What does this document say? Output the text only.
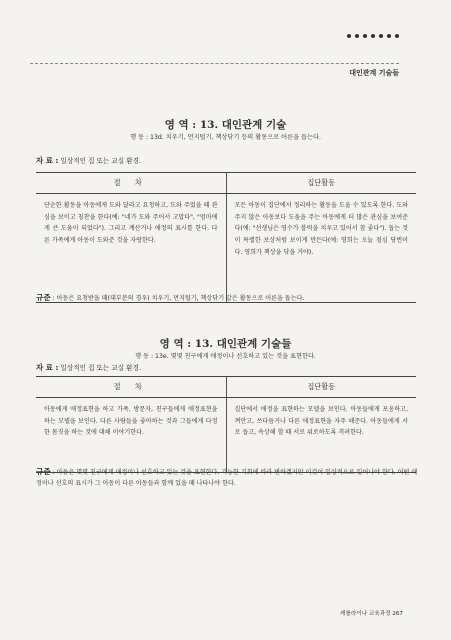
대인관계 기술들
영 역 : 13. 대인관계 기술
행 동 : 13d. 치우기, 먼지털기, 책상닦기 등의 활동으로 어른을 돕는다.
자 료 : 일상적인 집 또는 교실 환경.
절 차	집단활동
단순한 활동을 아동에게 도와 달라고 요청하고, 도와 주었을 때 관심을 보이고 칭찬을 한다(예: "네가 도와 주어서 고맙다", "엄마에게 큰 도움이 되었다"). 그리고 계산거나 애정의 표시를 한다. 다른 가족에게 아동이 도와준 것을 자랑한다.	모든 아동이 집단에서 정리하는 활동을 도울 수 있도록 한다. 도와주지 않은 아동보다 도움을 주는 아동에게 더 많은 관심을 보여준다(예: "선생님은 영수가 블럭을 치우고 있어서 참 좋다"). 돕는 것이 특별한 보상처럼 보이게 만든다(예: 영희는 오늘 점심 당번이다. 영희가 책상을 닦을 거야).
규준 : 아동은 요청받을 때(대부분의 경우) 치우기, 먼지털기, 책상닦기 같은 활동으로 어른을 돕는다.
영 역 : 13. 대인관계 기술들
행 동 : 13e. 몇몇 친구에게 애정이나 선호하고 있는 것을 표현한다.
자 료 : 일상적인 집 또는 교실 환경.
절 차	집단활동
아동에게 애정표현을 하고 가족, 방문자, 친구들에게 애정표현을 하는 모델을 보인다. 다른 사람들을 좋아하는 것과 그들에게 다정한 몸짓을 하는 것에 대해 이야기한다.	집단에서 애정을 표현하는 모델을 보인다. 아동들에게 포옹하고, 껴안고, 쓰다듬거나 다른 애정표현을 자주 해준다. 아동들에게 서로 돕고, 속상해 할 때 서로 위로하도록 격려한다.
규준 : 아동은 몇몇 친구에게 애정이나 선호하고 있는 것을 표현한다. 기능한 기회에 따라 변하겠지만 이것이 일상적으로 일어나야 한다. 어떤 애정이나 선호의 표시가 그 아동이 다른 아동들과 함께 있을 때 나타나야 한다.
캐롤라이나 교육과정 267
